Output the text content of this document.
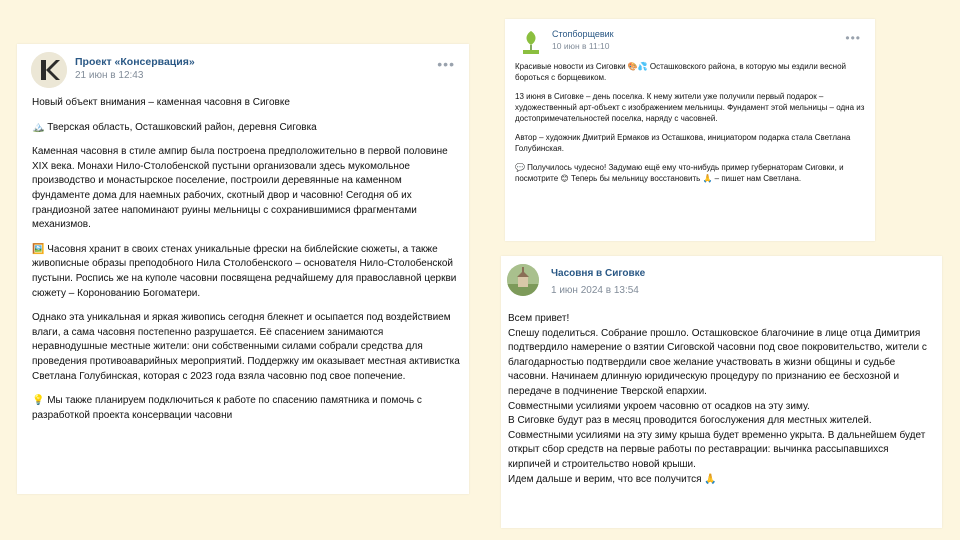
Проект «Консервация»
21 июн в 12:43
•••

Новый объект внимания – каменная часовня в Сиговке

🏔️ Тверская область, Осташковский район, деревня Сиговка

Каменная часовня в стиле ампир была построена предположительно в первой половине XIX века. Монахи Нило-Столобенской пустыни организовали здесь мукомольное производство и монастырское поселение, построили деревянные на каменном фундаменте дома для наемных рабочих, скотный двор и часовню! Сегодня об их грандиозной затее напоминают руины мельницы с сохранившимися фрагментами механизмов.

🖼️ Часовня хранит в своих стенах уникальные фрески на библейские сюжеты, а также живописные образы преподобного Нила Столобенского – основателя Нило-Столобенской пустыни. Роспись же на куполе часовни посвящена редчайшему для православной церкви сюжету – Коронованию Богоматери.

Однако эта уникальная и яркая живопись сегодня блекнет и осыпается под воздействием влаги, а сама часовня постепенно разрушается. Её спасением занимаются неравнодушные местные жители: они собственными силами собрали средства для проведения противоаварийных мероприятий. Поддержку им оказывает местная активистка Светлана Голубинская, которая с 2023 года взяла часовню под свое попечение.

💡 Мы также планируем подключиться к работе по спасению памятника и помочь с разработкой проекта консервации часовни

Стопборщевик
10 июн в 11:10
•••

Красивые новости из Сиговки 🎨💦 Осташковского района, в которую мы ездили весной бороться с борщевиком.

13 июня в Сиговке – день поселка. К нему жители уже получили первый подарок – художественный арт-объект с изображением мельницы. Фундамент этой мельницы – одна из достопримечательностей поселка, наряду с часовней.

Автор – художник Дмитрий Ермаков из Осташкова, инициатором подарка стала Светлана Голубинская.

💬 Получилось чудесно! Задумаю ещё ему что-нибудь пример губернаторам Сиговки, и посмотрите 😊 Теперь бы мельницу восстановить 🙏 – пишет нам Светлана.

Часовня в Сиговке
1 июн 2024 в 13:54

Всем привет!

Спешу поделиться. Собрание прошло. Осташковское благочиние в лице отца Димитрия подтвердило намерение о взятии Сиговской часовни под свое покровительство, жители с благодарностью подтвердили свое желание участвовать в жизни общины и судьбе часовни. Начинаем длинную юридическую процедуру по признанию ее бесхозной и передаче в подчинение Тверской епархии.

Совместными усилиями укроем часовню от осадков на эту зиму.

В Сиговке будут раз в месяц проводится богослужения для местных жителей.

Совместными усилиями на эту зиму крыша будет временно укрыта. В дальнейшем будет открыт сбор средств на первые работы по реставрации: вычинка рассыпавшихся кирпичей и строительство новой крыши.

Идем дальше и верим, что все получится 🙏
